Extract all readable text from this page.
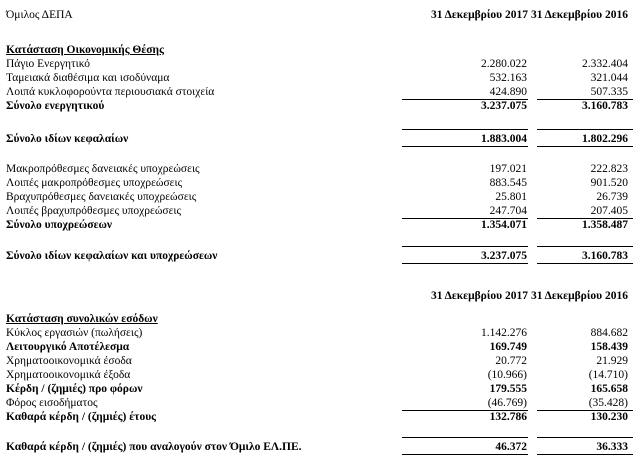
Όμιλος ΔΕΠΑ	31 Δεκεμβρίου 2017 31 Δεκεμβρίου 2016
Κατάσταση Οικονομικής Θέσης
Πάγιο Ενεργητικό	2.280.022	2.332.404
Ταμειακά διαθέσιμα και ισοδύναμα	532.163	321.044
Λοιπά κυκλοφορούντα περιουσιακά στοιχεία	424.890	507.335
Σύνολο ενεργητικού	3.237.075	3.160.783
Σύνολο ιδίων κεφαλαίων	1.883.004	1.802.296
Μακροπρόθεσμες δανειακές υποχρεώσεις	197.021	222.823
Λοιπές μακροπρόθεσμες υποχρεώσεις	883.545	901.520
Βραχυπρόθεσμες δανειακές υποχρεώσεις	25.801	26.739
Λοιπές βραχυπρόθεσμες υποχρεώσεις	247.704	207.405
Σύνολο υποχρεώσεων	1.354.071	1.358.487
Σύνολο ιδίων κεφαλαίων και υποχρεώσεων	3.237.075	3.160.783
31 Δεκεμβρίου 2017 31 Δεκεμβρίου 2016
Κατάσταση συνολικών εσόδων
Κύκλος εργασιών (πωλήσεις)	1.142.276	884.682
Λειτουργικό Αποτέλεσμα	169.749	158.439
Χρηματοοικονομικά έσοδα	20.772	21.929
Χρηματοοικονομικά έξοδα	(10.966)	(14.710)
Κέρδη / (ζημιές) προ φόρων	179.555	165.658
Φόρος εισοδήματος	(46.769)	(35.428)
Καθαρά κέρδη / (ζημιές) έτους	132.786	130.230
Καθαρά κέρδη / (ζημιές) που αναλογούν στον Όμιλο ΕΛ.ΠΕ.	46.372	36.333
